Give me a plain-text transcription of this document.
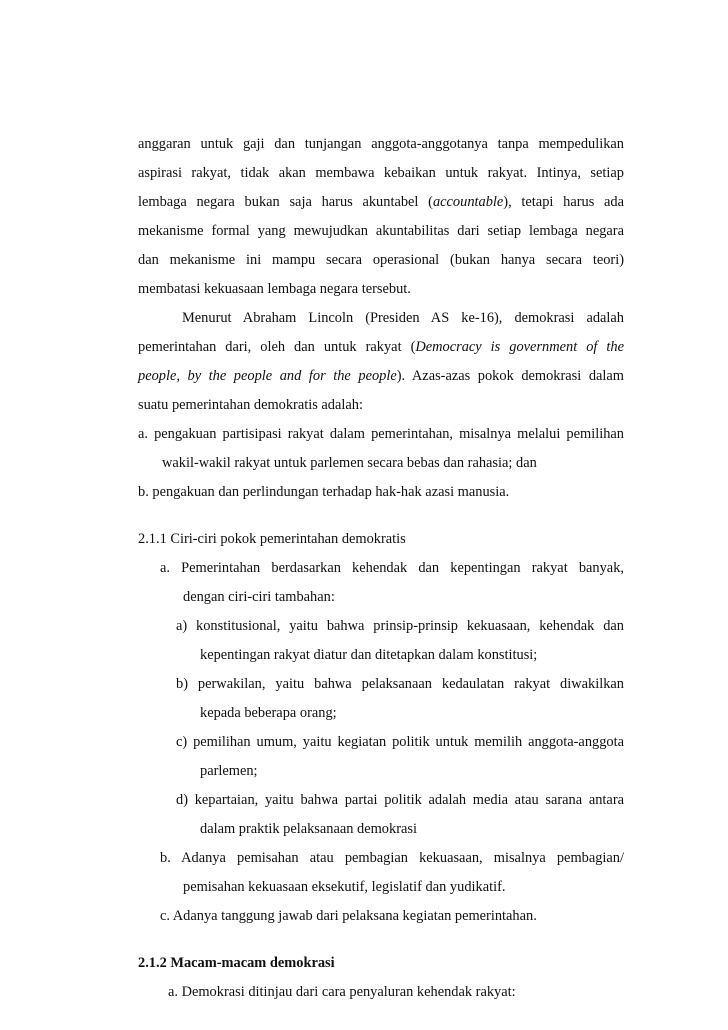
anggaran untuk gaji dan tunjangan anggota-anggotanya tanpa mempedulikan
aspirasi rakyat, tidak akan membawa kebaikan untuk rakyat. Intinya, setiap
lembaga negara bukan saja harus akuntabel (accountable), tetapi harus ada
mekanisme formal yang mewujudkan akuntabilitas dari setiap lembaga negara
dan mekanisme ini mampu secara operasional (bukan hanya secara teori)
membatasi kekuasaan lembaga negara tersebut.
Menurut Abraham Lincoln (Presiden AS ke-16), demokrasi adalah
pemerintahan dari, oleh dan untuk rakyat (Democracy is government of the
people, by the people and for the people). Azas-azas pokok demokrasi dalam
suatu pemerintahan demokratis adalah:
a. pengakuan partisipasi rakyat dalam pemerintahan, misalnya melalui pemilihan
wakil-wakil rakyat untuk parlemen secara bebas dan rahasia; dan
b. pengakuan dan perlindungan terhadap hak-hak azasi manusia.
2.1.1 Ciri-ciri pokok pemerintahan demokratis
a. Pemerintahan berdasarkan kehendak dan kepentingan rakyat banyak,
dengan ciri-ciri tambahan:
a) konstitusional, yaitu bahwa prinsip-prinsip kekuasaan, kehendak dan
kepentingan rakyat diatur dan ditetapkan dalam konstitusi;
b) perwakilan, yaitu bahwa pelaksanaan kedaulatan rakyat diwakilkan
kepada beberapa orang;
c) pemilihan umum, yaitu kegiatan politik untuk memilih anggota-anggota
parlemen;
d) kepartaian, yaitu bahwa partai politik adalah media atau sarana antara
dalam praktik pelaksanaan demokrasi
b. Adanya pemisahan atau pembagian kekuasaan, misalnya pembagian/
pemisahan kekuasaan eksekutif, legislatif dan yudikatif.
c. Adanya tanggung jawab dari pelaksana kegiatan pemerintahan.
2.1.2 Macam-macam demokrasi
a. Demokrasi ditinjau dari cara penyaluran kehendak rakyat:
